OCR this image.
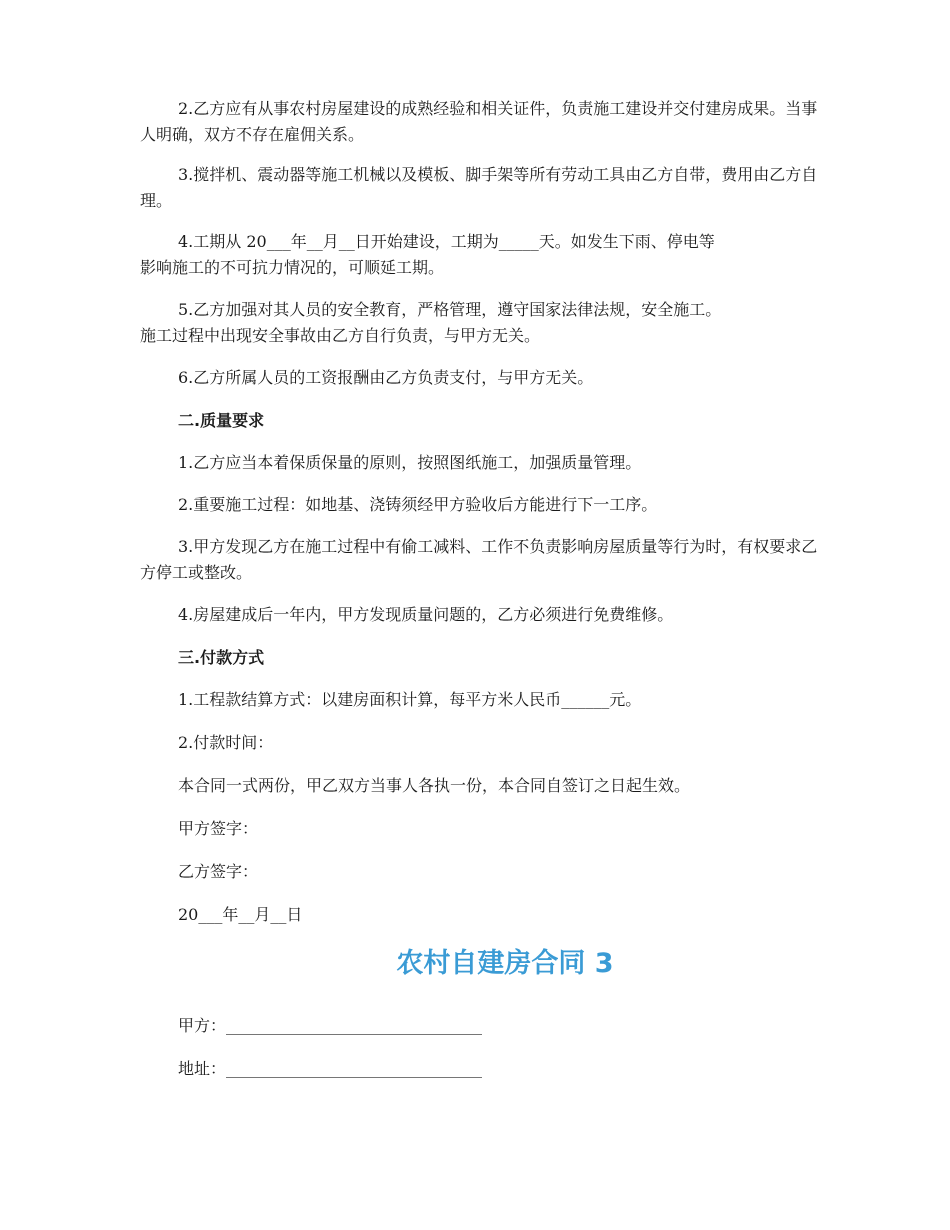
2.乙方应有从事农村房屋建设的成熟经验和相关证件，负责施工建设并交付建房成果。当事人明确，双方不存在雇佣关系。

3.搅拌机、震动器等施工机械以及模板、脚手架等所有劳动工具由乙方自带，费用由乙方自理。

4.工期从 20___年__月__日开始建设，工期为_____天。如发生下雨、停电等

影响施工的不可抗力情况的，可顺延工期。

5.乙方加强对其人员的安全教育，严格管理，遵守国家法律法规，安全施工。

施工过程中出现安全事故由乙方自行负责，与甲方无关。

6.乙方所属人员的工资报酬由乙方负责支付，与甲方无关。

二.质量要求

1.乙方应当本着保质保量的原则，按照图纸施工，加强质量管理。

2.重要施工过程：如地基、浇铸须经甲方验收后方能进行下一工序。

3.甲方发现乙方在施工过程中有偷工减料、工作不负责影响房屋质量等行为时，有权要求乙方停工或整改。

4.房屋建成后一年内，甲方发现质量问题的，乙方必须进行免费维修。

三.付款方式

1.工程款结算方式：以建房面积计算，每平方米人民币______元。

2.付款时间：

本合同一式两份，甲乙双方当事人各执一份，本合同自签订之日起生效。

甲方签字：

乙方签字：

20___年__月__日

农村自建房合同 3

甲方：________________________________

地址：________________________________
